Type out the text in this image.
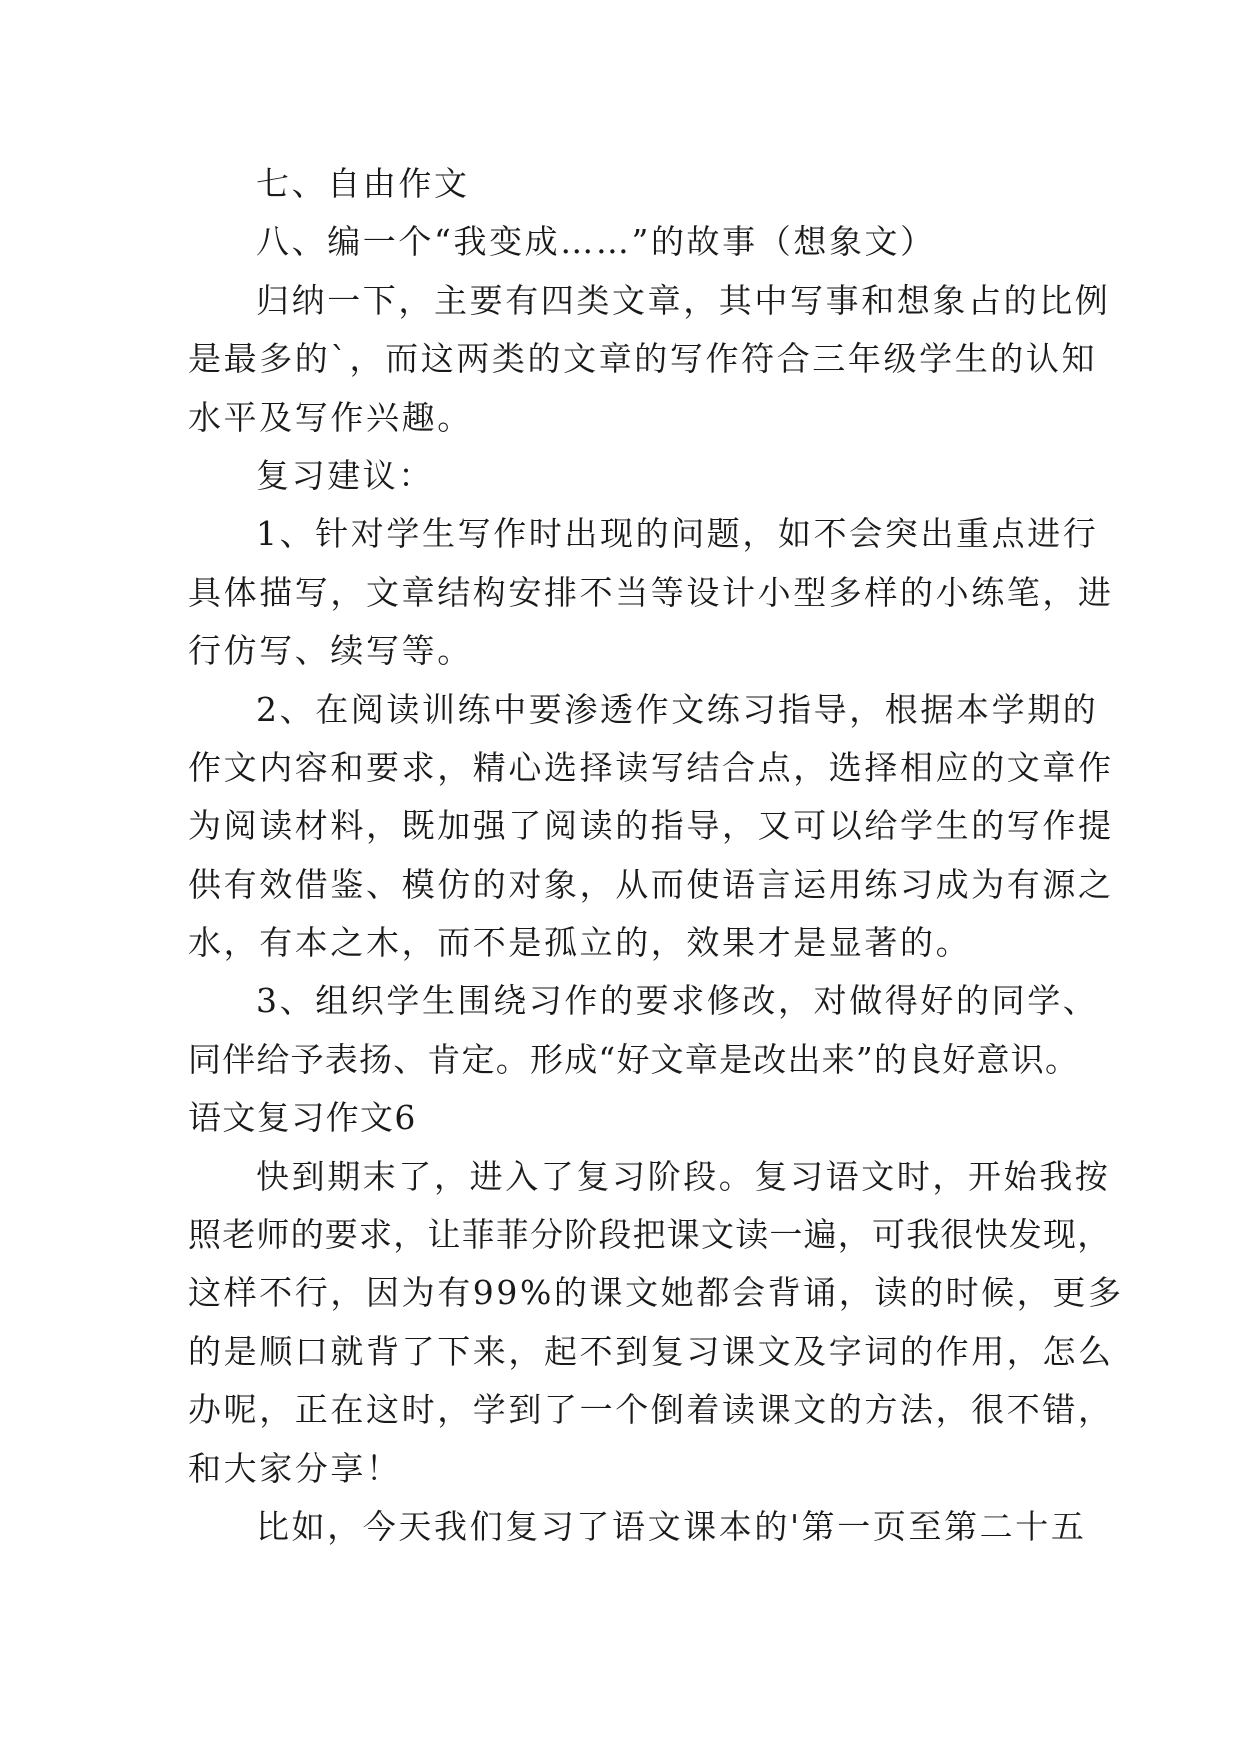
七、自由作文
八、编一个“我变成……”的故事（想象文）
归纳一下，主要有四类文章，其中写事和想象占的比例
是最多的`，而这两类的文章的写作符合三年级学生的认知
水平及写作兴趣。
复习建议：
1、针对学生写作时出现的问题，如不会突出重点进行
具体描写，文章结构安排不当等设计小型多样的小练笔，进
行仿写、续写等。
2、在阅读训练中要渗透作文练习指导，根据本学期的
作文内容和要求，精心选择读写结合点，选择相应的文章作
为阅读材料，既加强了阅读的指导，又可以给学生的写作提
供有效借鉴、模仿的对象，从而使语言运用练习成为有源之
水，有本之木，而不是孤立的，效果才是显著的。
3、组织学生围绕习作的要求修改，对做得好的同学、
同伴给予表扬、肯定。形成“好文章是改出来”的良好意识。
语文复习作文6
快到期末了，进入了复习阶段。复习语文时，开始我按
照老师的要求，让菲菲分阶段把课文读一遍，可我很快发现，
这样不行，因为有99%的课文她都会背诵，读的时候，更多
的是顺口就背了下来，起不到复习课文及字词的作用，怎么
办呢，正在这时，学到了一个倒着读课文的方法，很不错，
和大家分享！
比如，今天我们复习了语文课本的'第一页至第二十五
